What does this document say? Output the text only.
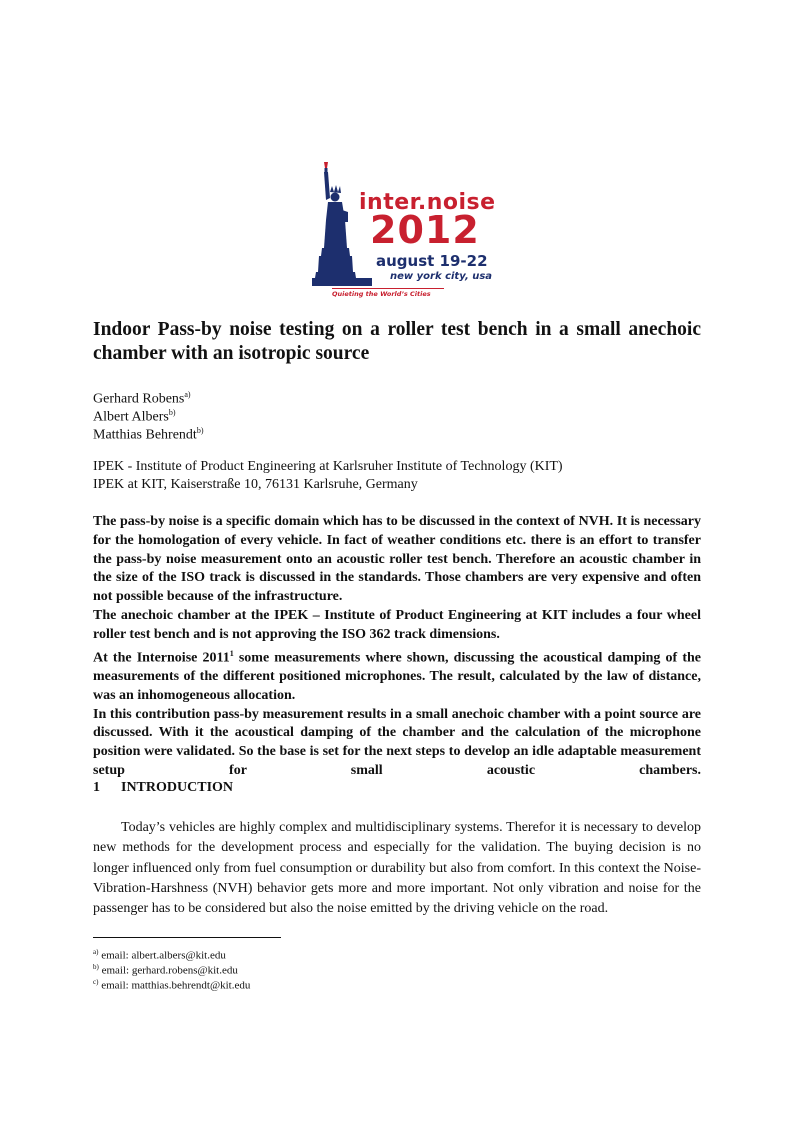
inter.noise
2012
august 19-22
new york city, usa
Quieting the World’s Cities
Indoor Pass-by noise testing on a roller test bench in a small anechoic chamber with an isotropic source
Gerhard Robens$^{a)}$
Albert Albers$^{b)}$
Matthias Behrendt$^{b)}$
IPEK - Institute of Product Engineering at Karlsruher Institute of Technology (KIT)
IPEK at KIT, Kaiserstraße 10, 76131 Karlsruhe, Germany

The pass-by noise is a specific domain which has to be discussed in the context of NVH. It is necessary for the homologation of every vehicle. In fact of weather conditions etc. there is an effort to transfer the pass-by noise measurement onto an acoustic roller test bench. Therefore an acoustic chamber in the size of the ISO track is discussed in the standards. Those chambers are very expensive and often not possible because of the infrastructure.

The anechoic chamber at the IPEK – Institute of Product Engineering at KIT includes a four wheel roller test bench and is not approving the ISO 362 track dimensions.

At the Internoise 2011$^1$ some measurements where shown, discussing the acoustical damping of the measurements of the different positioned microphones. The result, calculated by the law of distance, was an inhomogeneous allocation.

In this contribution pass-by measurement results in a small anechoic chamber with a point source are discussed. With it the acoustical damping of the chamber and the calculation of the microphone position were validated. So the base is set for the next steps to develop an idle adaptable measurement setup for small acoustic chambers.

1 INTRODUCTION

Today’s vehicles are highly complex and multidisciplinary systems. Therefor it is necessary to develop new methods for the development process and especially for the validation. The buying decision is no longer influenced only from fuel consumption or durability but also from comfort. In this context the Noise-Vibration-Harshness (NVH) behavior gets more and more important. Not only vibration and noise for the passenger has to be considered but also the noise emitted by the driving vehicle on the road.

$^{a)}$ email: albert.albers@kit.edu
$^{b)}$ email: gerhard.robens@kit.edu
$^{c)}$ email: matthias.behrendt@kit.edu
